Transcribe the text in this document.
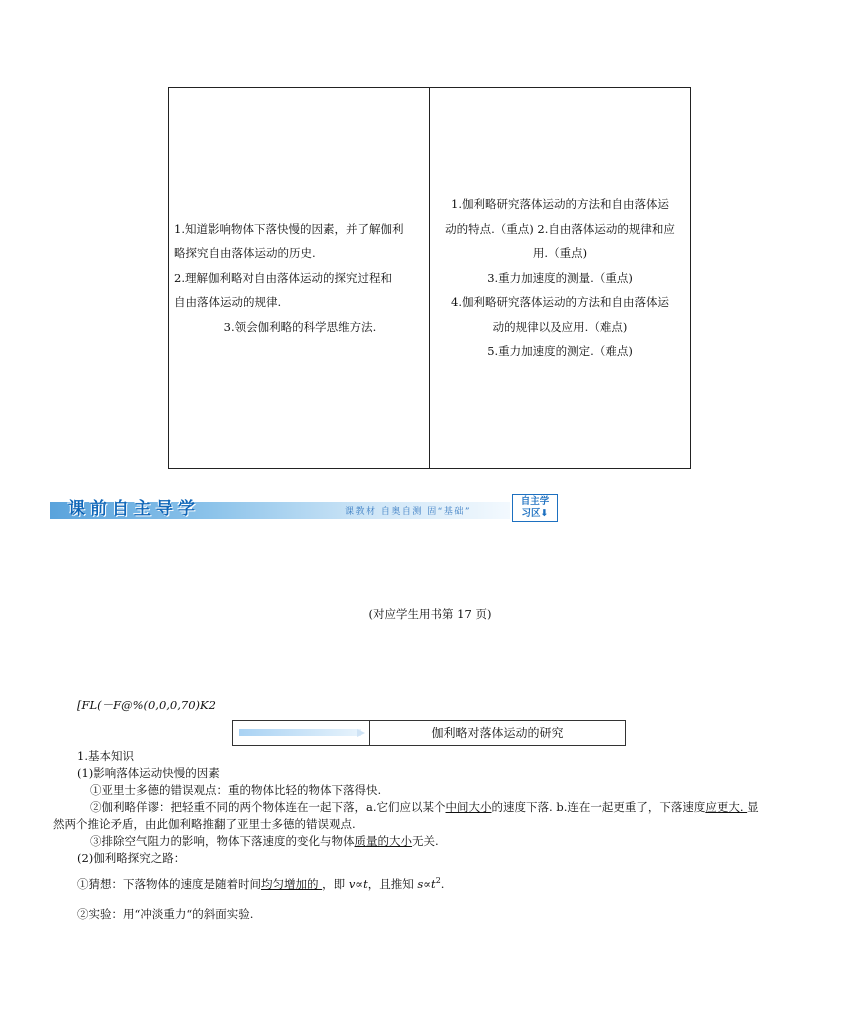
1.知道影响物体下落快慢的因素，并了解伽利
略探究自由落体运动的历史.
2.理解伽利略对自由落体运动的探究过程和
自由落体运动的规律.
3.领会伽利略的科学思维方法.
1.伽利略研究落体运动的方法和自由落体运
动的特点.（重点) 2.自由落体运动的规律和应
用.（重点)
3.重力加速度的测量.（重点)
4.伽利略研究落体运动的方法和自由落体运
动的规律以及应用.（难点)
5.重力加速度的测定.（难点)
课前自主导学	课教材 自奥自测 固“基础”
自主学
习区⬇
(对应学生用书第 17 页)
[FL(－F@%(0,0,0,70)K2
伽利略对落体运动的研究
1.基本知识
(1)影响落体运动快慢的因素
①亚里士多德的错误观点：重的物体比轻的物体下落得快.
②伽利略佯谬：把轻重不同的两个物体连在一起下落，a.它们应以某个中间大小的速度下落. b.连在一起更重了，下落速度应更大. 显
然两个推论矛盾，由此伽利略推翻了亚里士多德的错误观点.
③排除空气阻力的影响，物体下落速度的变化与物体质量的大小无关.
(2)伽利略探究之路：
①猜想：下落物体的速度是随着时间均匀增加的 ，即 v∝t，且推知 $s\propto t^2$.
②实验：用“冲淡重力“的斜面实验.
